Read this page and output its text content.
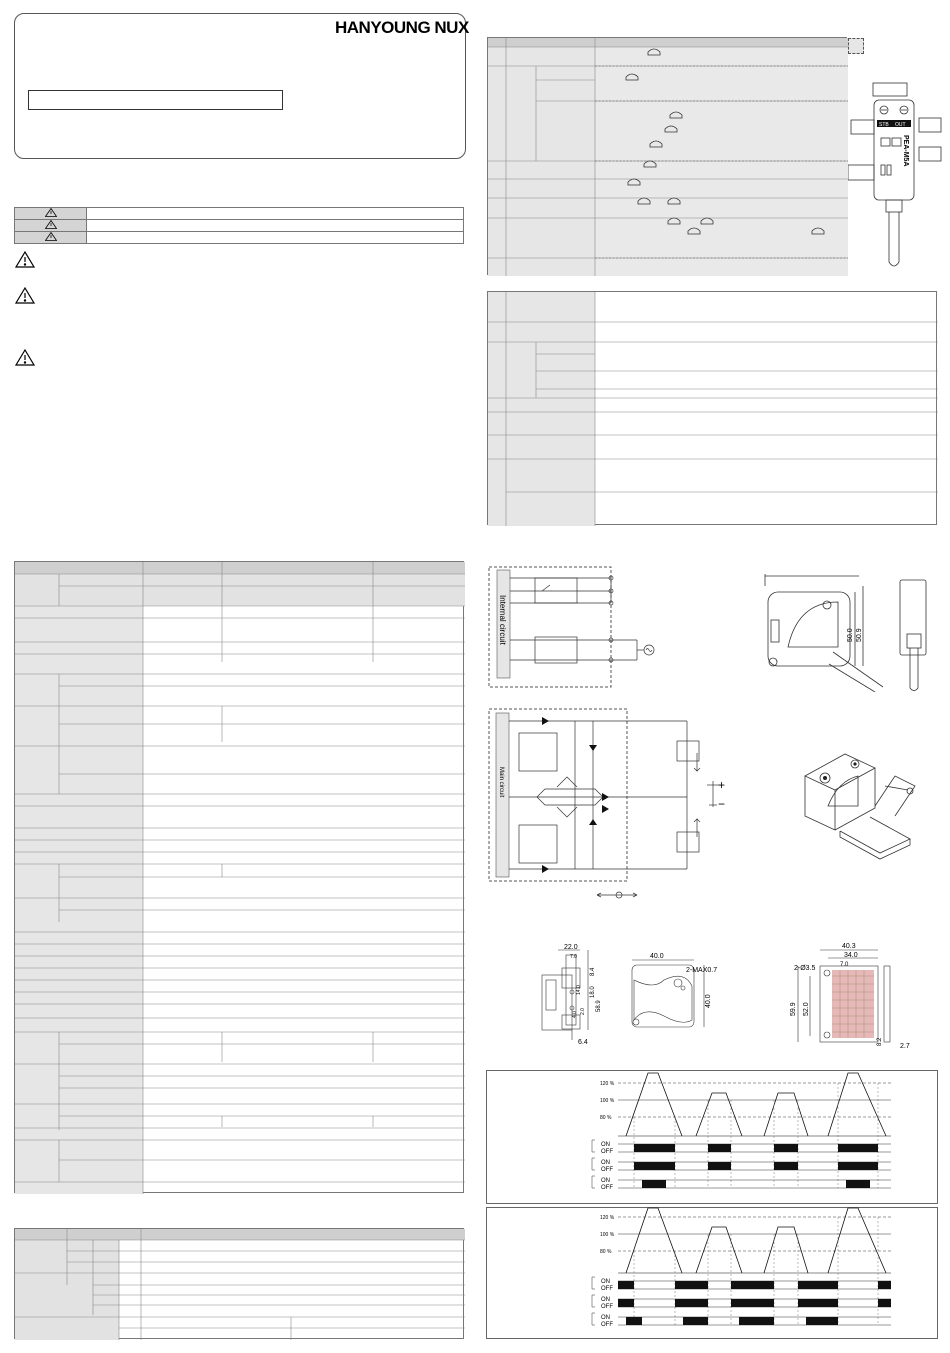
HANYOUNG NUX

STB OUT
PEA-M5A
Internal circuit
Main circuit	+
−
50.0 50.9
22.0
7.0
8.4
18.0
14.0
58.9
2.0
4.0
6.4
40.0
2-MAX0.7
40.0
40.3
34.0
2-Ø3.5	7.0
59.9 52.0
8.2
2.7
120 %
100 %
80 %
ON
OFF
ON
OFF
ON
OFF
120 %
100 %
80 %
ON
OFF
ON
OFF
ON
OFF
